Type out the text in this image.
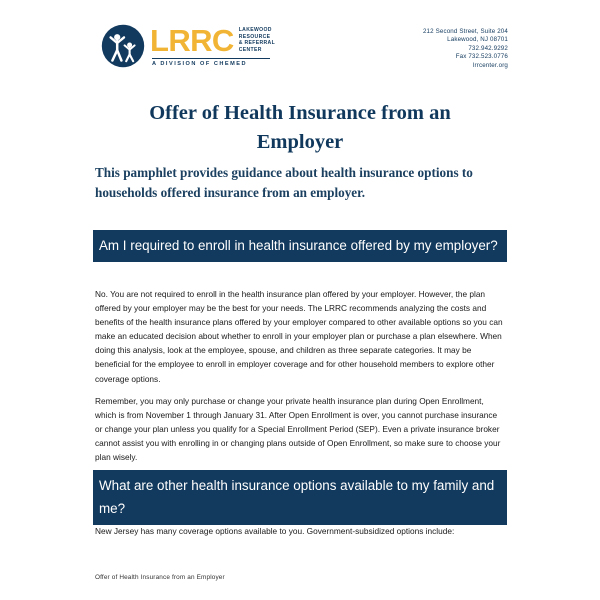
LRRC LAKEWOOD
RESOURCE
& REFERRAL
CENTER
A DIVISION OF CHEMED
212 Second Street, Suite 204
Lakewood, NJ 08701
732.942.9292
Fax 732.523.0776
lrrcenter.org
Offer of Health Insurance from an
Employer
This pamphlet provides guidance about health insurance options to households offered insurance from an employer.
Am I required to enroll in health insurance offered by my employer?
No. You are not required to enroll in the health insurance plan offered by your employer. However, the plan offered by your employer may be the best for your needs. The LRRC recommends analyzing the costs and benefits of the health insurance plans offered by your employer compared to other available options so you can make an educated decision about whether to enroll in your employer plan or purchase a plan elsewhere. When doing this analysis, look at the employee, spouse, and children as three separate categories. It may be beneficial for the employee to enroll in employer coverage and for other household members to explore other coverage options.
Remember, you may only purchase or change your private health insurance plan during Open Enrollment, which is from November 1 through January 31. After Open Enrollment is over, you cannot purchase insurance or change your plan unless you qualify for a Special Enrollment Period (SEP). Even a private insurance broker cannot assist you with enrolling in or changing plans outside of Open Enrollment, so make sure to choose your plan wisely.
What are other health insurance options available to my family and me?
New Jersey has many coverage options available to you. Government-subsidized options include:
Offer of Health Insurance from an Employer
